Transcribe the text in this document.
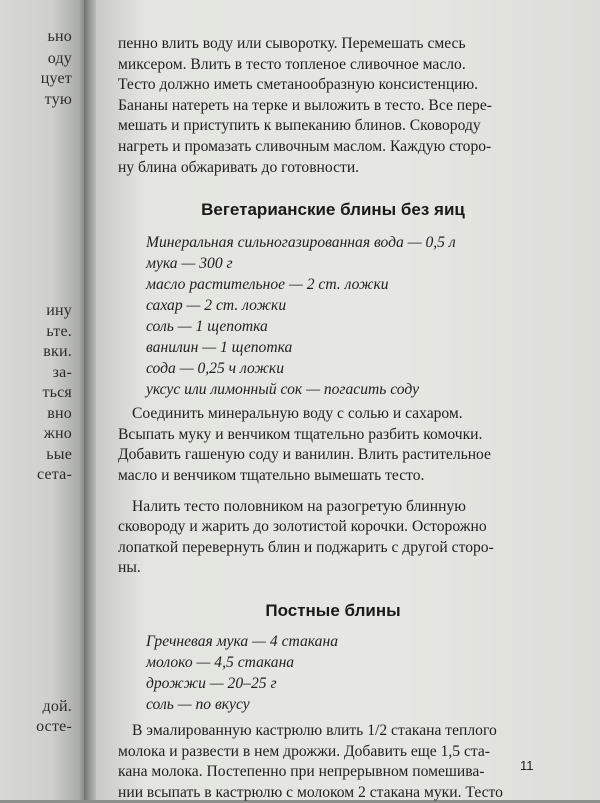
ьно
оду
цует
тую
ину
ьте.
вки.
за-
ться
вно
жно
ьые
сета-
дой.
осте-

пенно влить воду или сыворотку. Перемешать смесь
миксером. Влить в тесто топленое сливочное масло.
Тесто должно иметь сметанообразную консистенцию.
Бананы натереть на терке и выложить в тесто. Все пере-
мешать и приступить к выпеканию блинов. Сковороду
нагреть и промазать сливочным маслом. Каждую сторо-
ну блина обжаривать до готовности.

Вегетарианские блины без яиц
Минеральная сильногазированная вода — 0,5 л
мука — 300 г
масло растительное — 2 ст. ложки
сахар — 2 ст. ложки
соль — 1 щепотка
ванилин — 1 щепотка
сода — 0,25 ч ложки
уксус или лимонный сок — погасить соду

Соединить минеральную воду с солью и сахаром.
Всыпать муку и венчиком тщательно разбить комочки.
Добавить гашеную соду и ванилин. Влить растительное
масло и венчиком тщательно вымешать тесто.

Налить тесто половником на разогретую блинную
сковороду и жарить до золотистой корочки. Осторожно
лопаткой перевернуть блин и поджарить с другой сторо-
ны.

Постные блины
Гречневая мука — 4 стакана
молоко — 4,5 стакана
дрожжи — 20–25 г
соль — по вкусу

В эмалированную кастрюлю влить 1/2 стакана теплого
молока и развести в нем дрожжи. Добавить еще 1,5 ста-
кана молока. Постепенно при непрерывном помешива-
нии всыпать в кастрюлю с молоком 2 стакана муки. Тесто

11
